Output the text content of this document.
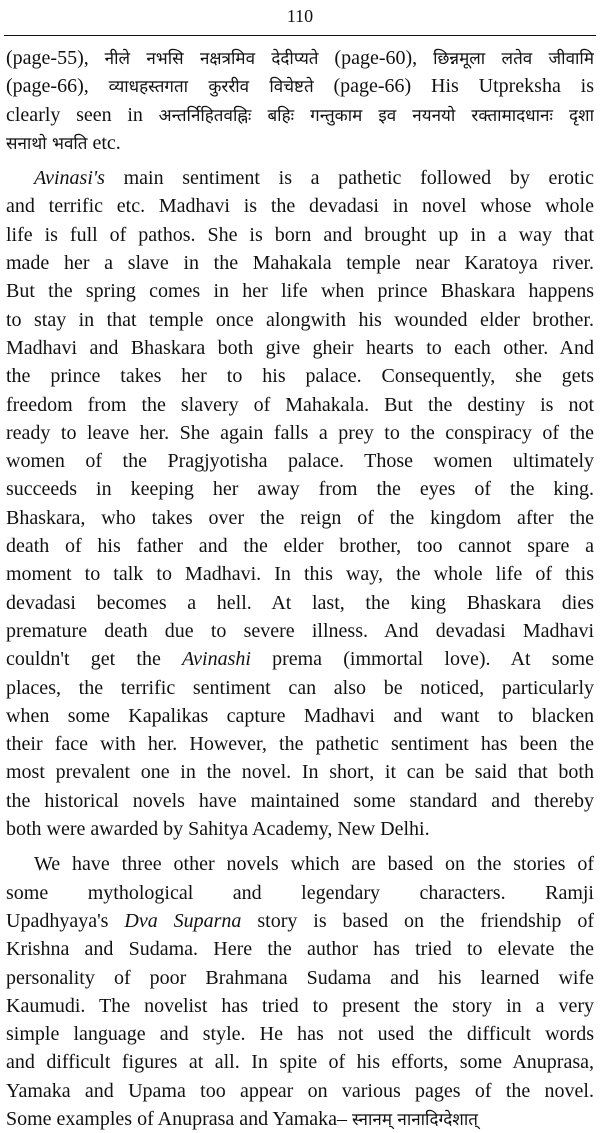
110
(page-55), नीले नभसि नक्षत्रमिव देदीप्यते (page-60), छिन्नमूला लतेव जीवामि
(page-66), व्याधहस्तगता कुररीव विचेष्टते (page-66) His Utpreksha is
clearly seen in अन्तर्निहितवह्निः बहिः गन्तुकाम इव नयनयो रक्तामादधानः दृशा
सनाथो भवति etc.
Avinasi's main sentiment is a pathetic followed by erotic
and terrific etc. Madhavi is the devadasi in novel whose whole
life is full of pathos. She is born and brought up in a way that
made her a slave in the Mahakala temple near Karatoya river.
But the spring comes in her life when prince Bhaskara happens
to stay in that temple once alongwith his wounded elder brother.
Madhavi and Bhaskara both give gheir hearts to each other. And
the prince takes her to his palace. Consequently, she gets
freedom from the slavery of Mahakala. But the destiny is not
ready to leave her. She again falls a prey to the conspiracy of the
women of the Pragjyotisha palace. Those women ultimately
succeeds in keeping her away from the eyes of the king.
Bhaskara, who takes over the reign of the kingdom after the
death of his father and the elder brother, too cannot spare a
moment to talk to Madhavi. In this way, the whole life of this
devadasi becomes a hell. At last, the king Bhaskara dies
premature death due to severe illness. And devadasi Madhavi
couldn't get the Avinashi prema (immortal love). At some
places, the terrific sentiment can also be noticed, particularly
when some Kapalikas capture Madhavi and want to blacken
their face with her. However, the pathetic sentiment has been the
most prevalent one in the novel. In short, it can be said that both
the historical novels have maintained some standard and thereby
both were awarded by Sahitya Academy, New Delhi.
We have three other novels which are based on the stories of
some mythological and legendary characters. Ramji
Upadhyaya's Dva Suparna story is based on the friendship of
Krishna and Sudama. Here the author has tried to elevate the
personality of poor Brahmana Sudama and his learned wife
Kaumudi. The novelist has tried to present the story in a very
simple language and style. He has not used the difficult words
and difficult figures at all. In spite of his efforts, some Anuprasa,
Yamaka and Upama too appear on various pages of the novel.
Some examples of Anuprasa and Yamaka– स्नानम् नानादिग्देशात्
